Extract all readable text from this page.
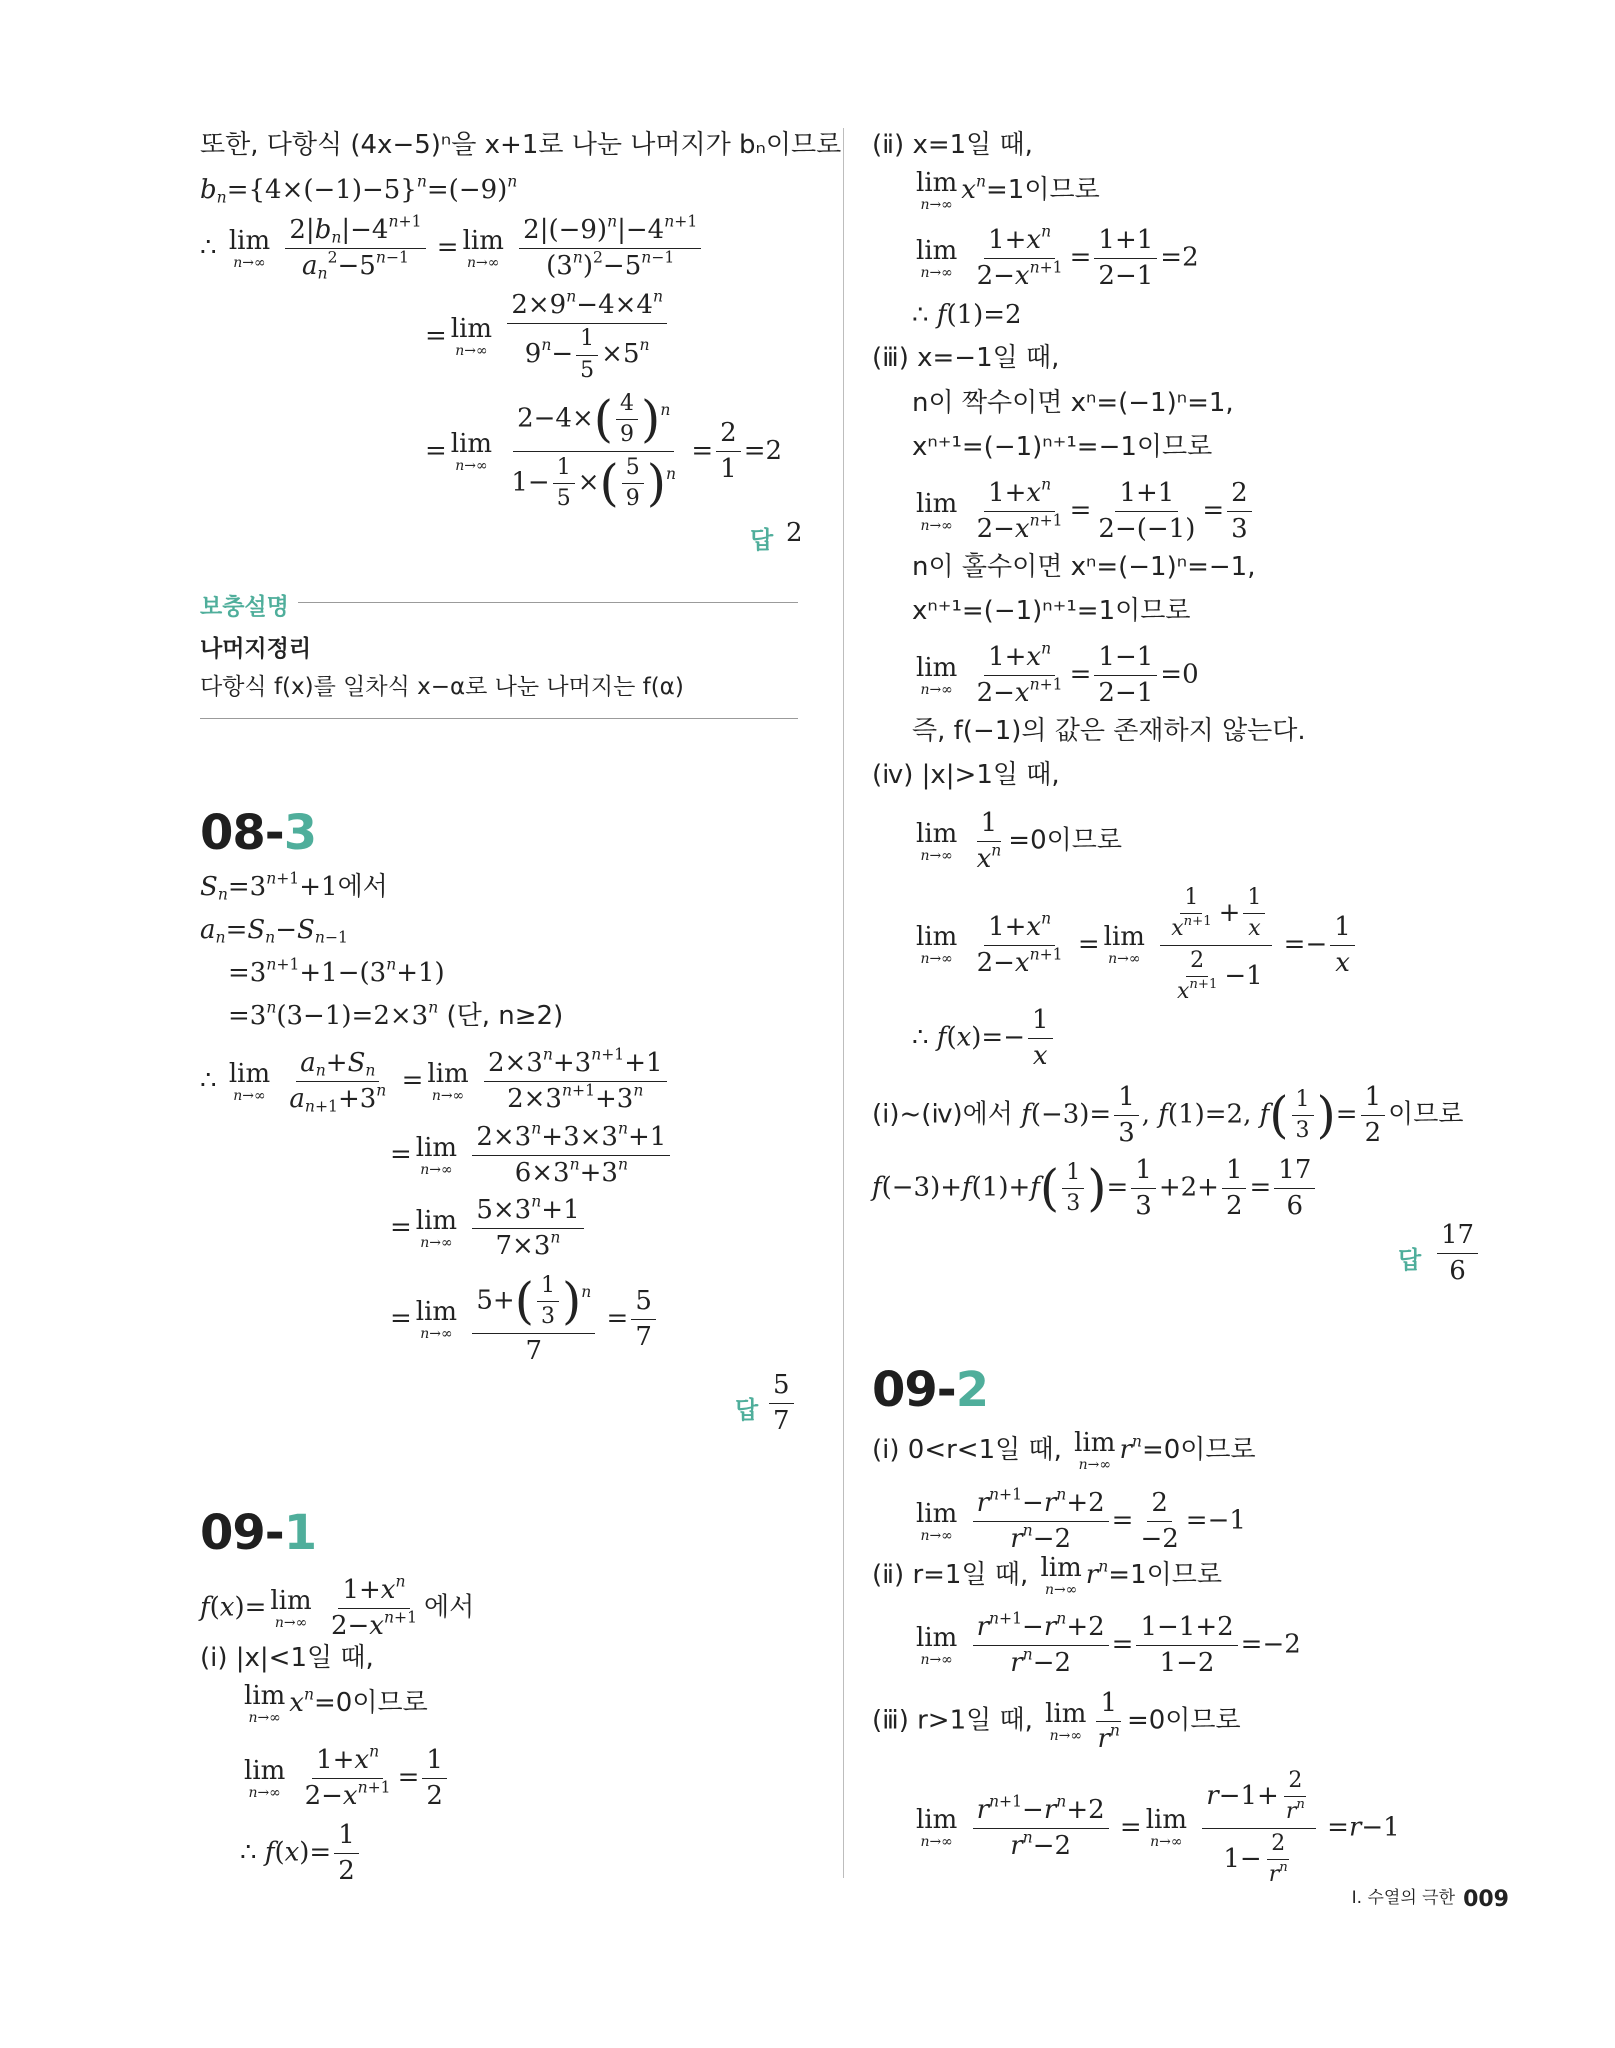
또한, 다항식 (4x−5)ⁿ을 x+1로 나눈 나머지가 bₙ이므로
$b_n=\{4\times(-1)-5\}^n=(-9)^n$
∴ lim
n→∞
$\frac{2|b_n|-4^{n+1}}{a_n^2-5^{n-1}} = \lim$
n→∞
$\frac{2|(-9)^n|-4^{n+1}}{(3^n)^2-5^{n-1}}$
= lim
n→∞
$\frac{2\times 9^n-4\times 4^n}{9^n- \frac{1}{5} \times 5^n}$
= lim
n→∞
$\frac{2-4\times( \frac{4}{9} )^n}{1- \frac{1}{5} \times( \frac{5}{9} )^n} = \frac{2}{1} =2$
답 2
보충설명
나머지정리
다항식 f(x)를 일차식 x−α로 나눈 나머지는 f(α)
08-3
$S_n=3^{n+1}+1$에서
$a_n=S_n-S_{n-1}$
$=3^{n+1}+1-(3^n+1)$
$=3^n(3-1)=2\times 3^n$ (단, n≥2)
∴ lim
n→∞
$\frac{a_n+S_n}{a_{n+1}+3^n} = \lim$
n→∞
$\frac{2\times 3^n+3^{n+1}+1}{2\times 3^{n+1}+3^n}$
= lim
n→∞
$\frac{2\times 3^n+3\times 3^n+1}{6\times 3^n+3^n}$
= lim
n→∞
$\frac{5\times 3^n+1}{7\times 3^n}$
= lim
n→∞
$\frac{5+( \frac{1}{3} )^n}{7} = \frac{5}{7}$
답 $\frac{5}{7}$
09-1
f(x)= lim
n→∞
$\frac{1+x^n}{2-x^{n+1}}$ 에서
(ⅰ) |x|<1일 때,
lim
n→∞ $x^n=0$이므로
lim
n→∞
$\frac{1+x^n}{2-x^{n+1}} = \frac{1}{2}$
∴ $f(x)= \frac{1}{2}$
(ⅱ) x=1일 때,
lim
n→∞ $x^n=1$이므로
lim
n→∞
$\frac{1+x^n}{2-x^{n+1}} = \frac{1+1}{2-1} =2$
∴ f(1)=2
(ⅲ) x=−1일 때,
n이 짝수이면 xⁿ=(−1)ⁿ=1,
xⁿ⁺¹=(−1)ⁿ⁺¹=−1이므로
lim
n→∞
$\frac{1+x^n}{2-x^{n+1}} = \frac{1+1}{2-(-1)} = \frac{2}{3}$
n이 홀수이면 xⁿ=(−1)ⁿ=−1,
xⁿ⁺¹=(−1)ⁿ⁺¹=1이므로
lim
n→∞
$\frac{1+x^n}{2-x^{n+1}} = \frac{1-1}{2-1} =0$
즉, f(−1)의 값은 존재하지 않는다.
(ⅳ) |x|>1일 때,
lim
n→∞
$\frac{1}{x^n} =0$이므로
lim
n→∞
$\frac{1+x^n}{2-x^{n+1}} = \lim$
n→∞
$\frac{\frac{1}{x^{n+1}} + \frac{1}{x}}{\frac{2}{x^{n+1}} -1} =- \frac{1}{x}$
∴ $f(x)=- \frac{1}{x}$
(ⅰ)~(ⅳ)에서 $f(-3)= \frac{1}{3}$ , f(1)=2, $f( \frac{1}{3}$ )= $\frac{1}{2}$ 이므로
$f(-3)+f(1)+f( \frac{1}{3}$ )= $\frac{1}{3} +2+ \frac{1}{2} = \frac{17}{6}$
답 $\frac{17}{6}$
09-2
(ⅰ) 0<r<1일 때, lim
n→∞ $r^n=0$이므로
lim
n→∞
$\frac{r^{n+1}-r^n+2}{r^n-2} = \frac{2}{-2} =-1$
(ⅱ) r=1일 때, lim
n→∞ $r^n=1$이므로
lim
n→∞
$\frac{r^{n+1}-r^n+2}{r^n-2} = \frac{1-1+2}{1-2} =-2$
(ⅲ) r>1일 때, lim
$n\to\infty \frac{1}{r^n} =0$이므로
lim
n→∞
$\frac{r^{n+1}-r^n+2}{r^n-2} = \lim$
n→∞
$\frac{r-1+ \frac{2}{r^n}}{1- \frac{2}{r^n}} =r-1$
Ⅰ. 수열의 극한 009
